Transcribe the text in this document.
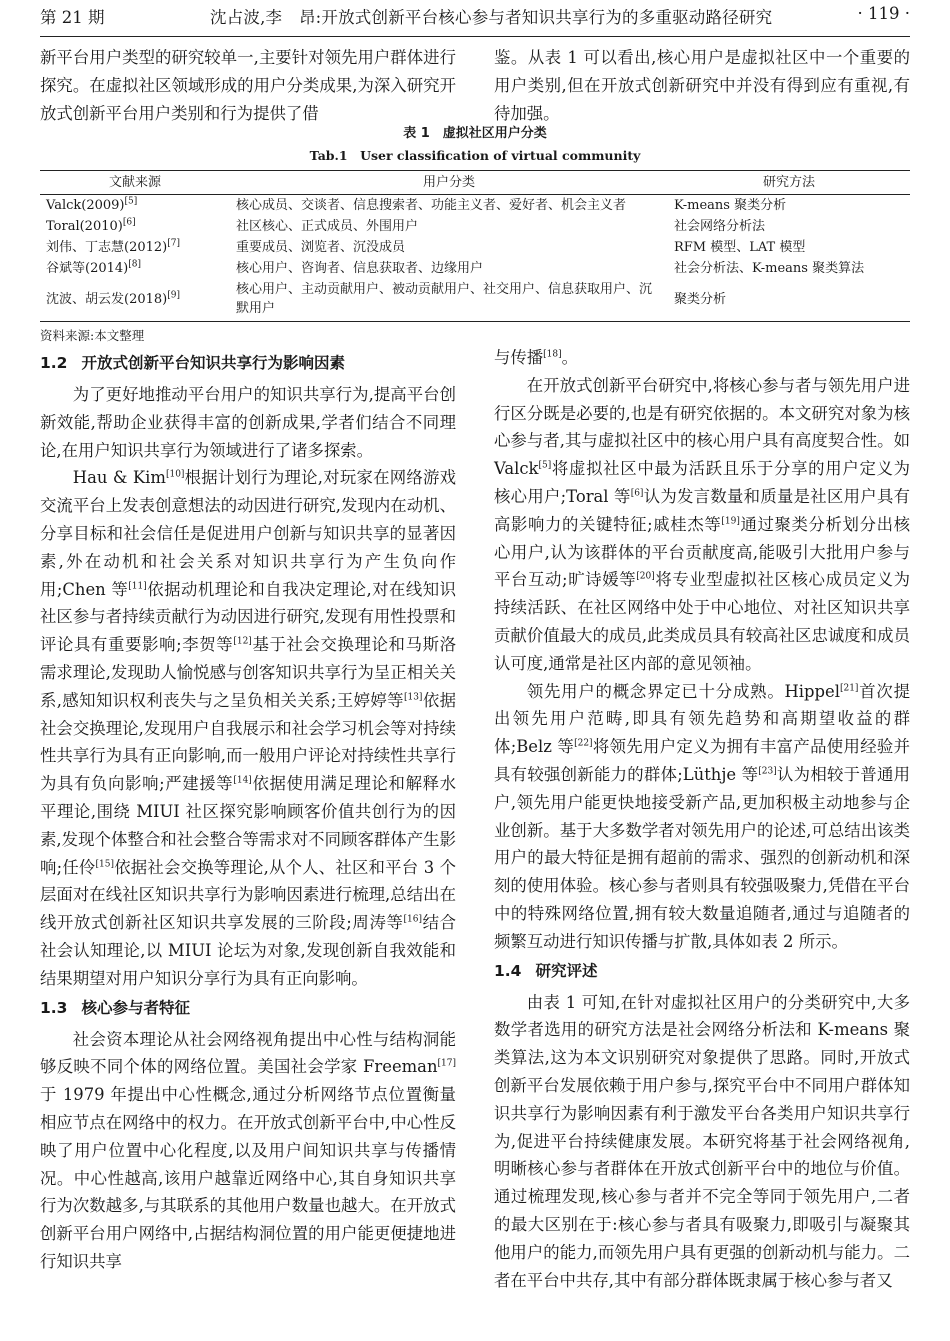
第 21 期	沈占波,李　昂:开放式创新平台核心参与者知识共享行为的多重驱动路径研究	· 119 ·

新平台用户类型的研究较单一,主要针对领先用户群体进行探究。在虚拟社区领域形成的用户分类成果,为深入研究开放式创新平台用户类别和行为提供了借

鉴。从表 1 可以看出,核心用户是虚拟社区中一个重要的用户类别,但在开放式创新研究中并没有得到应有重视,有待加强。

表 1　虚拟社区用户分类
Tab.1　User classification of virtual community
文献来源	用户分类	研究方法
Valck(2009)[5]	核心成员、交谈者、信息搜索者、功能主义者、爱好者、机会主义者	K-means 聚类分析
Toral(2010)[6]	社区核心、正式成员、外围用户	社会网络分析法
刘伟、丁志慧(2012)[7]	重要成员、浏览者、沉没成员	RFM 模型、LAT 模型
谷斌等(2014)[8]	核心用户、咨询者、信息获取者、边缘用户	社会分析法、K-means 聚类算法
沈波、胡云发(2018)[9]	核心用户、主动贡献用户、被动贡献用户、社交用户、信息获取用户、沉默用户	聚类分析
资料来源:本文整理
1.2 开放式创新平台知识共享行为影响因素

为了更好地推动平台用户的知识共享行为,提高平台创新效能,帮助企业获得丰富的创新成果,学者们结合不同理论,在用户知识共享行为领域进行了诸多探索。

Hau & Kim[10]根据计划行为理论,对玩家在网络游戏交流平台上发表创意想法的动因进行研究,发现内在动机、分享目标和社会信任是促进用户创新与知识共享的显著因素,外在动机和社会关系对知识共享行为产生负向作用;Chen 等[11]依据动机理论和自我决定理论,对在线知识社区参与者持续贡献行为动因进行研究,发现有用性投票和评论具有重要影响;李贺等[12]基于社会交换理论和马斯洛需求理论,发现助人愉悦感与创客知识共享行为呈正相关关系,感知知识权利丧失与之呈负相关关系;王婷婷等[13]依据社会交换理论,发现用户自我展示和社会学习机会等对持续性共享行为具有正向影响,而一般用户评论对持续性共享行为具有负向影响;严建援等[14]依据使用满足理论和解释水平理论,围绕 MIUI 社区探究影响顾客价值共创行为的因素,发现个体整合和社会整合等需求对不同顾客群体产生影响;任伶[15]依据社会交换等理论,从个人、社区和平台 3 个层面对在线社区知识共享行为影响因素进行梳理,总结出在线开放式创新社区知识共享发展的三阶段;周涛等[16]结合社会认知理论,以 MIUI 论坛为对象,发现创新自我效能和结果期望对用户知识分享行为具有正向影响。

1.3 核心参与者特征

社会资本理论从社会网络视角提出中心性与结构洞能够反映不同个体的网络位置。美国社会学家 Freeman[17]于 1979 年提出中心性概念,通过分析网络节点位置衡量相应节点在网络中的权力。在开放式创新平台中,中心性反映了用户位置中心化程度,以及用户间知识共享与传播情况。中心性越高,该用户越靠近网络中心,其自身知识共享行为次数越多,与其联系的其他用户数量也越大。在开放式创新平台用户网络中,占据结构洞位置的用户能更便捷地进行知识共享

与传播[18]。

在开放式创新平台研究中,将核心参与者与领先用户进行区分既是必要的,也是有研究依据的。本文研究对象为核心参与者,其与虚拟社区中的核心用户具有高度契合性。如 Valck[5]将虚拟社区中最为活跃且乐于分享的用户定义为核心用户;Toral 等[6]认为发言数量和质量是社区用户具有高影响力的关键特征;戚桂杰等[19]通过聚类分析划分出核心用户,认为该群体的平台贡献度高,能吸引大批用户参与平台互动;旷诗媛等[20]将专业型虚拟社区核心成员定义为持续活跃、在社区网络中处于中心地位、对社区知识共享贡献价值最大的成员,此类成员具有较高社区忠诚度和成员认可度,通常是社区内部的意见领袖。

领先用户的概念界定已十分成熟。Hippel[21]首次提出领先用户范畴,即具有领先趋势和高期望收益的群体;Belz 等[22]将领先用户定义为拥有丰富产品使用经验并具有较强创新能力的群体;Lüthje 等[23]认为相较于普通用户,领先用户能更快地接受新产品,更加积极主动地参与企业创新。基于大多数学者对领先用户的论述,可总结出该类用户的最大特征是拥有超前的需求、强烈的创新动机和深刻的使用体验。核心参与者则具有较强吸聚力,凭借在平台中的特殊网络位置,拥有较大数量追随者,通过与追随者的频繁互动进行知识传播与扩散,具体如表 2 所示。

1.4 研究评述

由表 1 可知,在针对虚拟社区用户的分类研究中,大多数学者选用的研究方法是社会网络分析法和 K-means 聚类算法,这为本文识别研究对象提供了思路。同时,开放式创新平台发展依赖于用户参与,探究平台中不同用户群体知识共享行为影响因素有利于激发平台各类用户知识共享行为,促进平台持续健康发展。本研究将基于社会网络视角,明晰核心参与者群体在开放式创新平台中的地位与价值。通过梳理发现,核心参与者并不完全等同于领先用户,二者的最大区别在于:核心参与者具有吸聚力,即吸引与凝聚其他用户的能力,而领先用户具有更强的创新动机与能力。二者在平台中共存,其中有部分群体既隶属于核心参与者又
